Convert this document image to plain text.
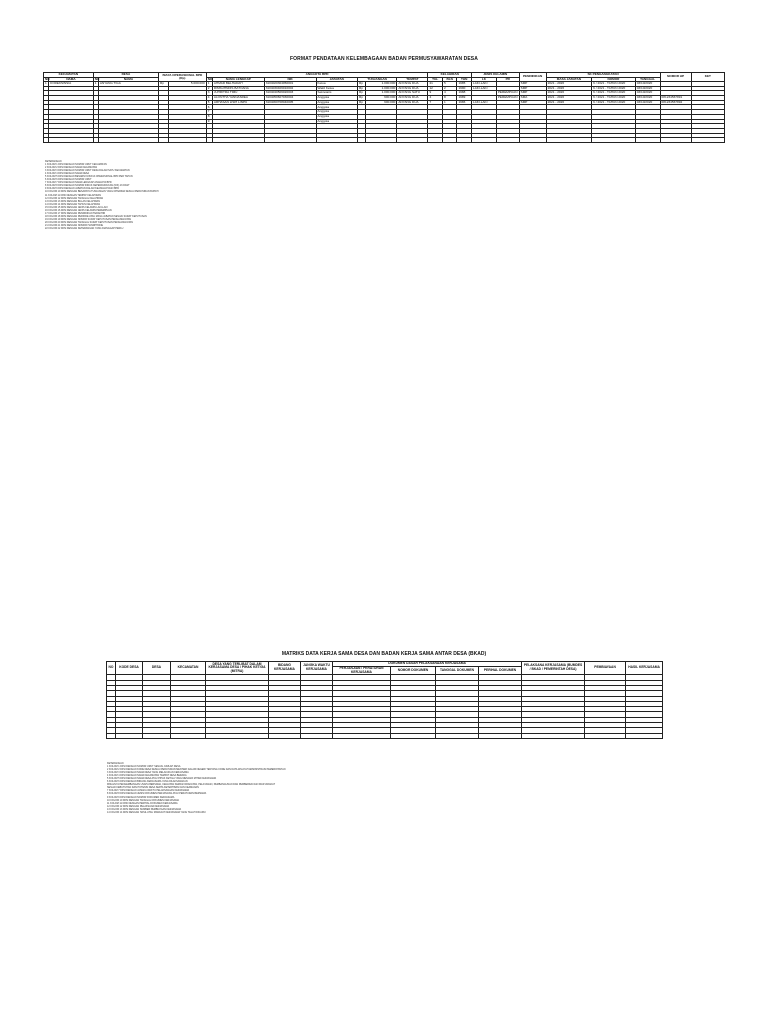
FORMAT PENDATAAN KELEMBAGAAN BADAN PERMUSYAWARATAN DESA
KECAMATAN		DESA		BIAYA OPERASIONAL BPD (Rp)		ANGGOTA BPD							KELAHIRAN			JENIS KELAMIN		PENDIDIKAN	SK PENGANGKATAN			NOMOR HP	KET
NO	NAMA	NO	NAMA			NO	NAMA LENGKAP	NIK	JABATAN	TUNJANGAN		TEMPAT	TGL	BLN	THN	LK	PR		MASA JABATAN	NOMOR	TANGGAL		
1	KOREKSINSIA	1	ANYANG TIGA	Rp	5.000.000	1	AHMAD BELHADAH	3104020304050001	Ketua	Rp	1.000.000	ANYANG DUA	21	5	1985	LAKI-LAKI		SMP	2021 - 2026	6 / 2021 - TAHUN 2020	03/10/2020		
						2	RIMSUHNDIS BATOANA	3104030406010002	Wakil Ketua	Rp	1.000.000	ANYANG DUA	12	2	1990	LAKI-LAKI		SMP	2021 - 2026	6 / 2021 - TAHUN 2020	03/10/2020		
						3	JUHRITRA TIMU	3104040506020003	Sekretaris	Rp	1.000.000	ANYANG SATU	9	4	1988		PEREMPUAN	SMP	2021 - 2026	6 / 2021 - TAHUN 2020	03/10/2020		
						4	ALONTHA YANNASREA	3104050607030004	Anggota	Rp	900.000	ANYANG DUA	4	8	1989		PEREMPUAN	SMA	2021 - 2026	6 / 2021 - TAHUN 2020	03/10/2020	081234567891	
						5	ARHASAN LISPI LINPU	3104060708040005	Anggota	Rp	900.000	ANYANG DUA	7	1	1986	LAKI-LAKI		SMP	2021 - 2026	6 / 2021 - TAHUN 2020	03/10/2020	081234567892	
						6			Anggota														
						7			Anggota														
						8			Anggota														
						9			Anggota														

KETERANGAN
1 KOLOM 1 DIISI DENGAN NOMOR URUT KECAMATAN
2 KOLOM 2 DIISI DENGAN NAMA KECAMATAN
3 KOLOM 3 DIISI DENGAN NOMOR URUT DESA DALAM SATU KECAMATAN
4 KOLOM 4 DIISI DENGAN NAMA DESA
5 KOLOM 5 DIISI DENGAN BESARNYA BIAYA OPERASIONAL BPD PER TAHUN
6 KOLOM 6 DIISI DENGAN NOMOR URUT
7 KOLOM 7 DIISI DENGAN NAMA LENGKAP ANGGOTA BPD
8 KOLOM 8 DIISI DENGAN NOMOR INDUK KEPENDUDUKAN (NIK) 16 DIGIT
9 KOLOM 9 DIISI DENGAN JABATAN DALAM KEANGGOTAAN BPD
10 KOLOM 10 DIISI DENGAN BESARNYA TUNJANGAN YANG DITERIMA SESUAI PERATURAN BUPATI
11 KOLOM 11 DIISI DENGAN TEMPAT KELAHIRAN
12 KOLOM 12 DIISI DENGAN TANGGAL KELAHIRAN
13 KOLOM 13 DIISI DENGAN BULAN KELAHIRAN
14 KOLOM 14 DIISI DENGAN TAHUN KELAHIRAN
15 KOLOM 15 DIISI DENGAN JENIS KELAMIN LAKI-LAKI
16 KOLOM 16 DIISI DENGAN JENIS KELAMIN PEREMPUAN
17 KOLOM 17 DIISI DENGAN PENDIDIKAN TERAKHIR
18 KOLOM 18 DIISI DENGAN PERIODE ATAU MASA JABATAN SESUAI SURAT KEPUTUSAN
19 KOLOM 19 DIISI DENGAN NOMOR SURAT KEPUTUSAN PENGANGKATAN
20 KOLOM 20 DIISI DENGAN TANGGAL SURAT KEPUTUSAN PENGANGKATAN
21 KOLOM 21 DIISI DENGAN NOMOR HANDPHONE
22 KOLOM 22 DIISI DENGAN KETERANGAN YANG DIANGGAP PERLU
MATRIKS DATA KERJA SAMA DESA DAN BADAN KERJA SAMA ANTAR DESA (BKAD)
NO	KODE DESA	DESA	KECAMATAN	DESA YANG TERLIBAT DALAM KERJASAMA DESA / PIHAK KETIGA (MITRA)	BIDANG KERJASAMA	JANGKA WAKTU KERJASAMA	DOKUMEN DASAR PELAKSANAAN KERJASAMA				PELAKSANA KERJASAMA (BUMDES / BKAD / PEMERINTAH DESA)	PEMBIAYAAN	HASIL KERJASAMA
							PERJANJIAN / PERATURAN KERJASAMA	NOMOR DOKUMEN	TANGGAL DOKUMEN	PERIHAL DOKUMEN			

KETERANGAN
1 KOLOM 1 DIISI DENGAN NOMOR URUT SESUAI JUMLAH DESA
2 KOLOM 2 DIISI DENGAN KODE DESA SESUAI PERATURAN MENTERI DALAM NEGERI TENTANG KODE DAN DATA WILAYAH ADMINISTRASI PEMERINTAHAN
3 KOLOM 3 DIISI DENGAN NAMA DESA YANG MELAKUKAN KERJASAMA
4 KOLOM 4 DIISI DENGAN NAMA KECAMATAN TEMPAT DESA BERADA
5 KOLOM 5 DIISI DENGAN NAMA DESA ATAU PIHAK KETIGA YANG MENJADI MITRA KERJASAMA
6 KOLOM 6 DIISI DENGAN BIDANG KERJASAMA YANG DILAKSANAKAN
MISALNYA PENGEMBANGAN USAHA BERSAMA, KEGIATAN KEMASYARAKATAN, PELAYANAN, PEMBANGUNAN DAN PEMBERDAYAAN MASYARAKAT
SESUAI KEBUTUHAN DAN POTENSI DESA SERTA KETERTIBAN DAN KEAMANAN
7 KOLOM 7 DIISI DENGAN JANGKA WAKTU PELAKSANAAN KERJASAMA
8 KOLOM 8 DIISI DENGAN JENIS DOKUMEN PERJANJIAN ATAU PERATURAN BERSAMA
9 KOLOM 9 DIISI DENGAN NOMOR DOKUMEN KERJASAMA
10 KOLOM 10 DIISI DENGAN TANGGAL DOKUMEN KERJASAMA
11 KOLOM 11 DIISI DENGAN PERIHAL DOKUMEN KERJASAMA
12 KOLOM 12 DIISI DENGAN PELAKSANA KERJASAMA
13 KOLOM 13 DIISI DENGAN SUMBER PEMBIAYAAN KERJASAMA
14 KOLOM 14 DIISI DENGAN HASIL ATAU MANFAAT KERJASAMA YANG TELAH DICAPAI
